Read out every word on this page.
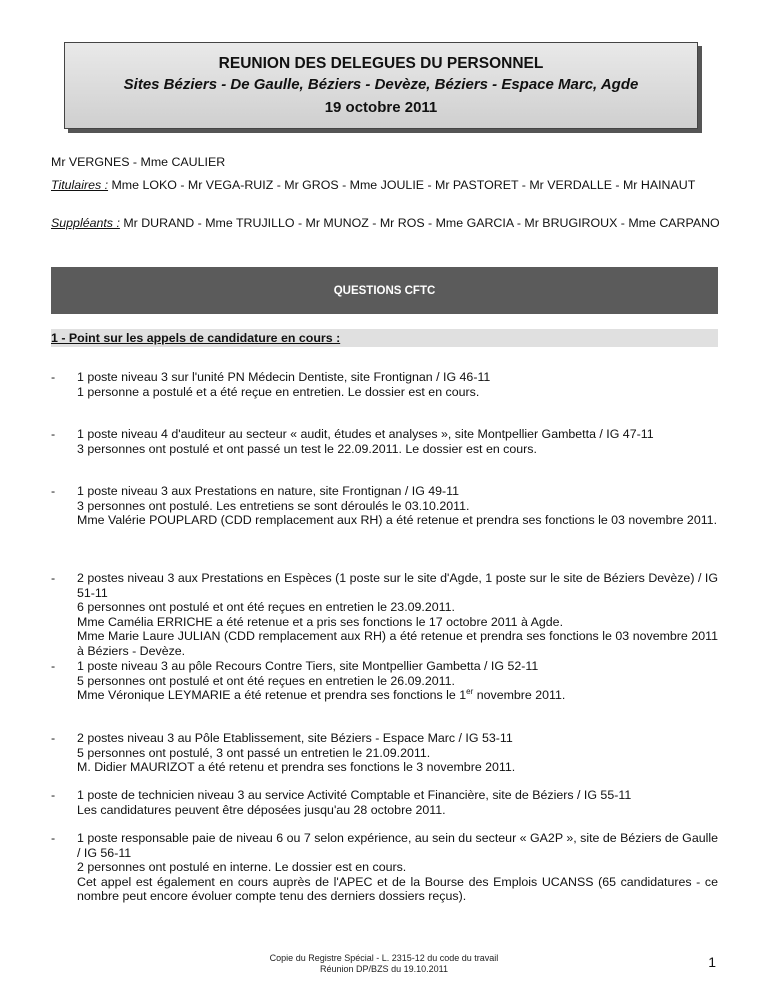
REUNION DES DELEGUES DU PERSONNEL
Sites Béziers - De Gaulle, Béziers - Devèze, Béziers - Espace Marc, Agde
19 octobre 2011
Mr VERGNES - Mme CAULIER
Titulaires : Mme LOKO - Mr VEGA-RUIZ - Mr GROS - Mme JOULIE - Mr PASTORET - Mr VERDALLE - Mr HAINAUT
Suppléants : Mr DURAND - Mme TRUJILLO - Mr MUNOZ - Mr ROS - Mme GARCIA - Mr BRUGIROUX - Mme CARPANO
QUESTIONS CFTC
1 - Point sur les appels de candidature en cours :
- 1 poste niveau 3 sur l'unité PN Médecin Dentiste, site Frontignan / IG 46-11
1 personne a postulé et a été reçue en entretien. Le dossier est en cours.
- 1 poste niveau 4 d'auditeur au secteur « audit, études et analyses », site Montpellier Gambetta / IG 47-11
3 personnes ont postulé et ont passé un test le 22.09.2011. Le dossier est en cours.
- 1 poste niveau 3 aux Prestations en nature, site Frontignan / IG 49-11
3 personnes ont postulé. Les entretiens se sont déroulés le 03.10.2011.
Mme Valérie POUPLARD (CDD remplacement aux RH) a été retenue et prendra ses fonctions le 03 novembre 2011.
- 2 postes niveau 3 aux Prestations en Espèces (1 poste sur le site d'Agde, 1 poste sur le site de Béziers Devèze) / IG 51-11
6 personnes ont postulé et ont été reçues en entretien le 23.09.2011.
Mme Camélia ERRICHE a été retenue et a pris ses fonctions le 17 octobre 2011 à Agde.
Mme Marie Laure JULIAN (CDD remplacement aux RH) a été retenue et prendra ses fonctions le 03 novembre 2011 à Béziers - Devèze.
- 1 poste niveau 3 au pôle Recours Contre Tiers, site Montpellier Gambetta / IG 52-11
5 personnes ont postulé et ont été reçues en entretien le 26.09.2011.
Mme Véronique LEYMARIE a été retenue et prendra ses fonctions le 1er novembre 2011.
- 2 postes niveau 3 au Pôle Etablissement, site Béziers - Espace Marc / IG 53-11
5 personnes ont postulé, 3 ont passé un entretien le 21.09.2011.
M. Didier MAURIZOT a été retenu et prendra ses fonctions le 3 novembre 2011.
- 1 poste de technicien niveau 3 au service Activité Comptable et Financière, site de Béziers / IG 55-11
Les candidatures peuvent être déposées jusqu'au 28 octobre 2011.
- 1 poste responsable paie de niveau 6 ou 7 selon expérience, au sein du secteur « GA2P », site de Béziers de Gaulle / IG 56-11
2 personnes ont postulé en interne. Le dossier est en cours.
Cet appel est également en cours auprès de l'APEC et de la Bourse des Emplois UCANSS (65 candidatures - ce nombre peut encore évoluer compte tenu des derniers dossiers reçus).
Copie du Registre Spécial - L. 2315-12 du code du travail
Réunion DP/BZS du 19.10.2011	1
